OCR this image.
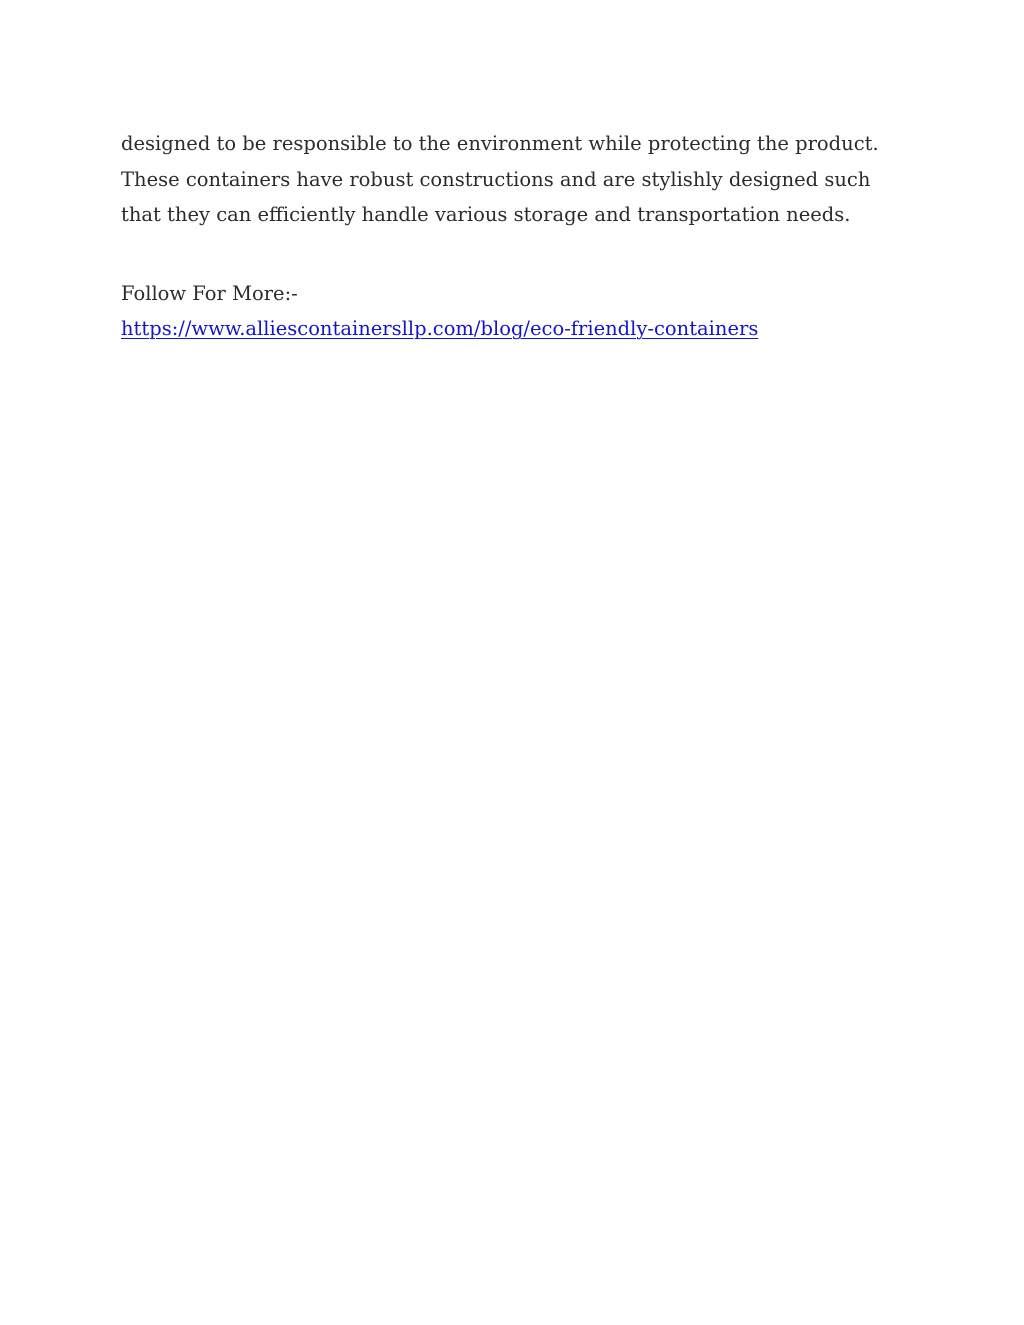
designed to be responsible to the environment while protecting the product.
These containers have robust constructions and are stylishly designed such
that they can efficiently handle various storage and transportation needs.

Follow For More:-
https://www.alliescontainersllp.com/blog/eco-friendly-containers
